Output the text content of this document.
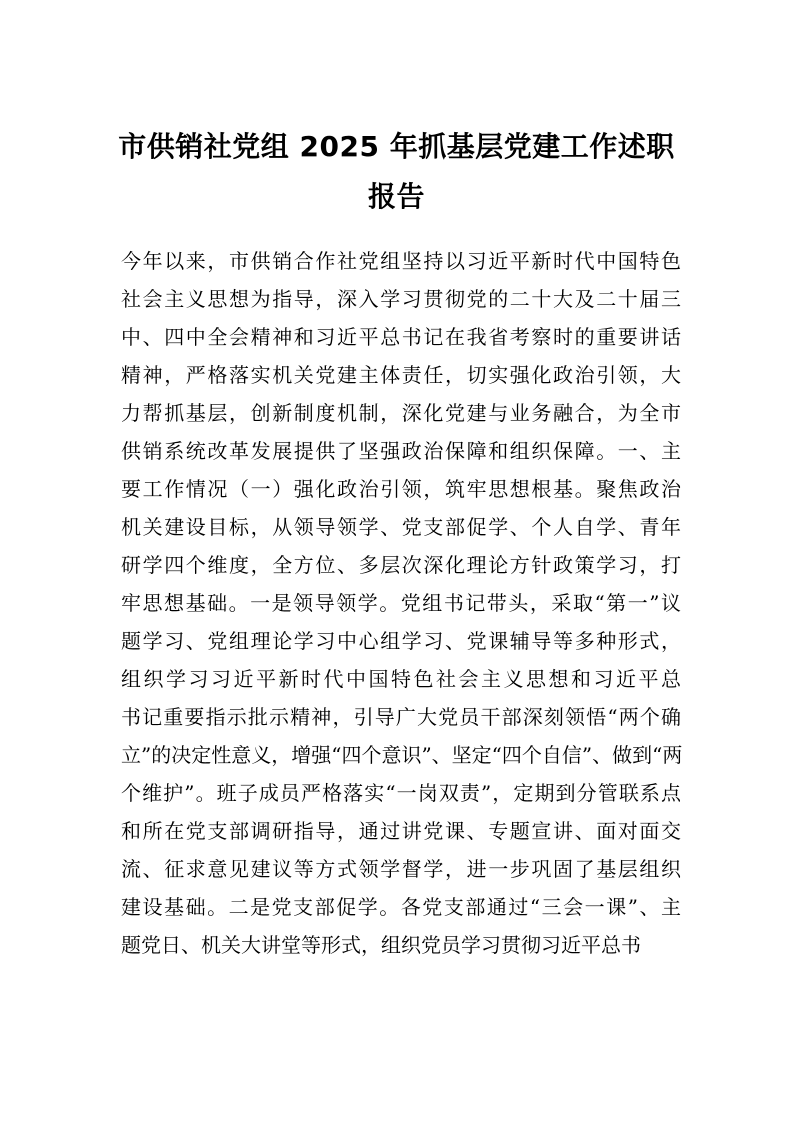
市供销社党组 2025 年抓基层党建工作述职
报告
今年以来，市供销合作社党组坚持以习近平新时代中国特色
社会主义思想为指导，深入学习贯彻党的二十大及二十届三
中、四中全会精神和习近平总书记在我省考察时的重要讲话
精神，严格落实机关党建主体责任，切实强化政治引领，大
力帮抓基层，创新制度机制，深化党建与业务融合，为全市
供销系统改革发展提供了坚强政治保障和组织保障。一、主
要工作情况（一）强化政治引领，筑牢思想根基。聚焦政治
机关建设目标，从领导领学、党支部促学、个人自学、青年
研学四个维度，全方位、多层次深化理论方针政策学习，打
牢思想基础。一是领导领学。党组书记带头，采取“第一”议
题学习、党组理论学习中心组学习、党课辅导等多种形式，
组织学习习近平新时代中国特色社会主义思想和习近平总
书记重要指示批示精神，引导广大党员干部深刻领悟“两个确
立”的决定性意义，增强“四个意识”、坚定“四个自信”、做到“两
个维护”。班子成员严格落实“一岗双责”，定期到分管联系点
和所在党支部调研指导，通过讲党课、专题宣讲、面对面交
流、征求意见建议等方式领学督学，进一步巩固了基层组织
建设基础。二是党支部促学。各党支部通过“三会一课”、主
题党日、机关大讲堂等形式，组织党员学习贯彻习近平总书
